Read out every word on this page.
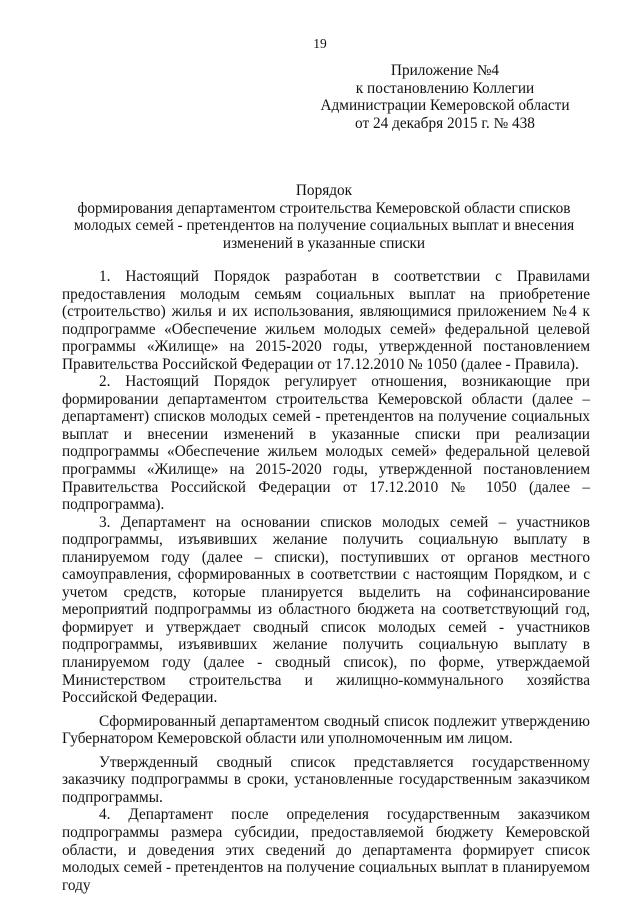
19
Приложение №4
к постановлению Коллегии
Администрации Кемеровской области
от 24 декабря 2015 г. № 438
Порядок
формирования департаментом строительства Кемеровской области списков
молодых семей - претендентов на получение социальных выплат и внесения
изменений в указанные списки

1. Настоящий Порядок разработан в соответствии с Правилами предоставления молодым семьям социальных выплат на приобретение (строительство) жилья и их использования, являющимися приложением №4 к подпрограмме «Обеспечение жильем молодых семей» федеральной целевой программы «Жилище» на 2015-2020 годы, утвержденной постановлением Правительства Российской Федерации от 17.12.2010 № 1050 (далее - Правила).

2. Настоящий Порядок регулирует отношения, возникающие при формировании департаментом строительства Кемеровской области (далее – департамент) списков молодых семей - претендентов на получение социальных выплат и внесении изменений в указанные списки при реализации подпрограммы «Обеспечение жильем молодых семей» федеральной целевой программы «Жилище» на 2015-2020 годы, утвержденной постановлением Правительства Российской Федерации от 17.12.2010 № 1050 (далее – подпрограмма).

3. Департамент на основании списков молодых семей – участников подпрограммы, изъявивших желание получить социальную выплату в планируемом году (далее – списки), поступивших от органов местного самоуправления, сформированных в соответствии с настоящим Порядком, и с учетом средств, которые планируется выделить на софинансирование мероприятий подпрограммы из областного бюджета на соответствующий год, формирует и утверждает сводный список молодых семей - участников подпрограммы, изъявивших желание получить социальную выплату в планируемом году (далее - сводный список), по форме, утверждаемой Министерством строительства и жилищно-коммунального хозяйства Российской Федерации.

Сформированный департаментом сводный список подлежит утверждению Губернатором Кемеровской области или уполномоченным им лицом.

Утвержденный сводный список представляется государственному заказчику подпрограммы в сроки, установленные государственным заказчиком подпрограммы.

4. Департамент после определения государственным заказчиком подпрограммы размера субсидии, предоставляемой бюджету Кемеровской области, и доведения этих сведений до департамента формирует список молодых семей - претендентов на получение социальных выплат в планируемом году
